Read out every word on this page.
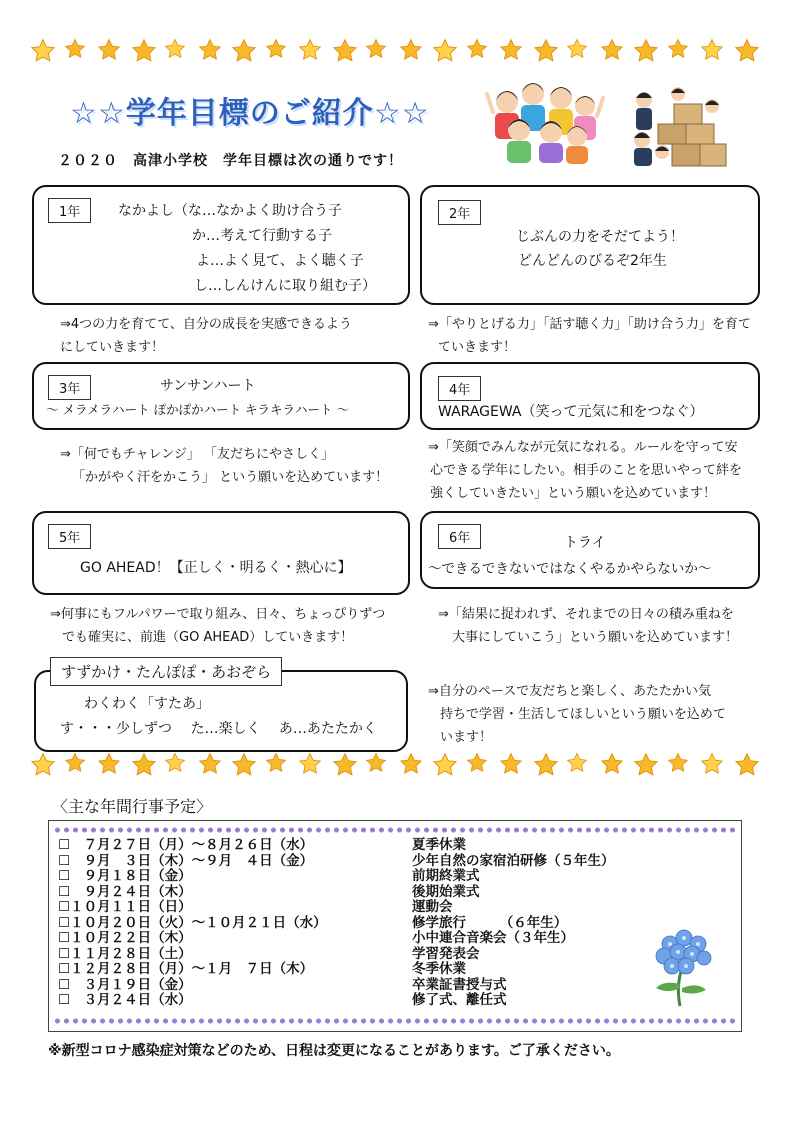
☆☆学年目標のご紹介☆☆
２０２０　高津小学校　学年目標は次の通りです！
1年	なかよし（な…なかよく助け合う子
か…考えて行動する子
よ…よく見て、よく聴く子
し…しんけんに取り組む子）
⇒4つの力を育てて、自分の成長を実感できるよう
にしていきます！
2年
じぶんの力をそだてよう！
どんどんのびるぞ2年生
⇒「やりとげる力」「話す聴く力」「助け合う力」を育て
ていきます！
3年	サンサンハート
～ メラメラハート ぽかぽかハート キラキラハート ～
⇒「何でもチャレンジ」 「友だちにやさしく」
「かがやく汗をかこう」 という願いを込めています！
4年
WARAGEWA（笑って元気に和をつなぐ）
⇒「笑顔でみんなが元気になれる。ルールを守って安
心できる学年にしたい。相手のことを思いやって絆を
強くしていきたい」という願いを込めています！
5年
GO AHEAD！【正しく・明るく・熱心に】
⇒何事にもフルパワーで取り組み、日々、ちょっぴりずつ
でも確実に、前進（GO AHEAD）していきます！
6年	トライ
～できるできないではなくやるかやらないか～
⇒「結果に捉われず、それまでの日々の積み重ねを
大事にしていこう」という願いを込めています！
すずかけ・たんぽぽ・あおぞら
わくわく「すたあ」
す・・・少しずつ　 た…楽しく　 あ…あたたかく
⇒自分のペースで友だちと楽しく、あたたかい気
持ちで学習・生活してほしいという願いを込めて
います！
〈主な年間行事予定〉
☐　７月２７日（月）～８月２６日（水）	夏季休業
☐　９月　３日（木）～９月　４日（金）	少年自然の家宿泊研修（５年生）
☐　９月１８日（金）	前期終業式
☐　９月２４日（木）	後期始業式
☐１０月１１日（日）	運動会
☐１０月２０日（火）～１０月２１日（水）	修学旅行　　　（６年生）
☐１０月２２日（木）	小中連合音楽会（３年生）
☐１１月２８日（土）	学習発表会
☐１２月２８日（月）～１月　７日（木）	冬季休業
☐　３月１９日（金）	卒業証書授与式
☐　３月２４日（水）	修了式、離任式
※新型コロナ感染症対策などのため、日程は変更になることがあります。ご了承ください。
